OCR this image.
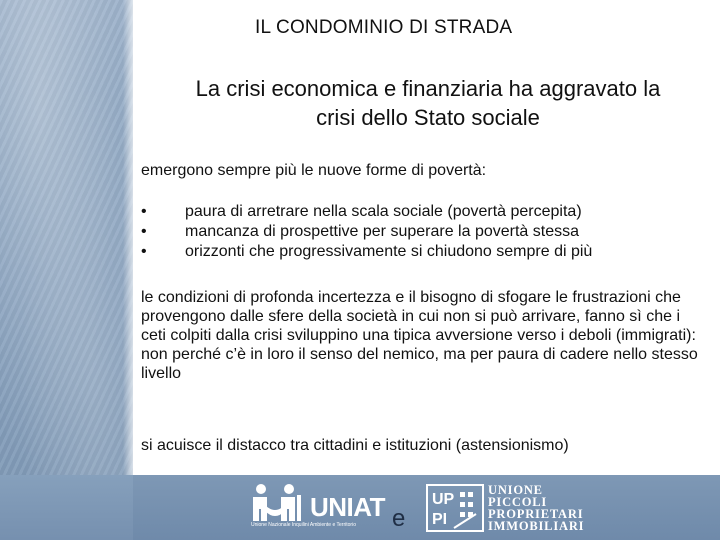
IL CONDOMINIO DI STRADA
La crisi economica e finanziaria ha aggravato la
crisi dello Stato sociale
emergono sempre più le nuove forme di povertà:
• paura di arretrare nella scala sociale (povertà percepita)
• mancanza di prospettive per superare la povertà stessa
• orizzonti che progressivamente si chiudono sempre di più
le condizioni di profonda incertezza e il bisogno di sfogare le frustrazioni che provengono dalle sfere della società in cui non si può arrivare, fanno sì che i ceti colpiti dalla crisi sviluppino una tipica avversione verso i deboli (immigrati): non perché c’è in loro il senso del nemico, ma per paura di cadere nello stesso livello
si acuisce il distacco tra cittadini e istituzioni (astensionismo)
UNIAT
Unione Nazionale Inquilini Ambiente e Territorio	e
UP
PI
UNIONE
PICCOLI
PROPRIETARI
IMMOBILIARI
